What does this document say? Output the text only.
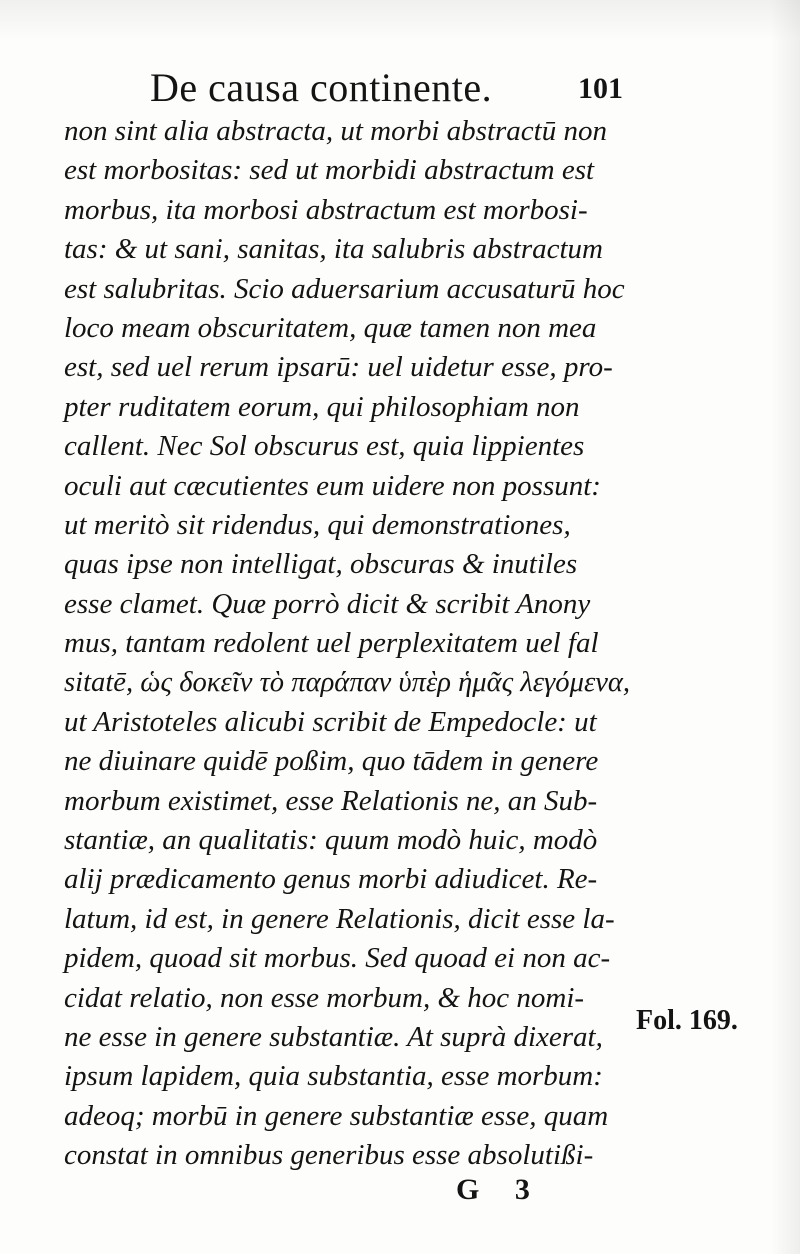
De causa continente.	101
non sint alia abstracta, ut morbi abstractū non
est morbositas: sed ut morbidi abstractum est
morbus, ita morbosi abstractum est morbosi-
tas: & ut sani, sanitas, ita salubris abstractum
est salubritas. Scio aduersarium accusaturū hoc
loco meam obscuritatem, quæ tamen non mea
est, sed uel rerum ipsarū: uel uidetur esse, pro-
pter ruditatem eorum, qui philosophiam non
callent. Nec Sol obscurus est, quia lippientes
oculi aut cæcutientes eum uidere non possunt:
ut meritò sit ridendus, qui demonstrationes,
quas ipse non intelligat, obscuras & inutiles
esse clamet. Quæ porrò dicit & scribit Anony
mus, tantam redolent uel perplexitatem uel fal
sitatē, ὡς δοκεῖν τὸ παράπαν ὑπὲρ ἡμᾶς λεγόμενα,
ut Aristoteles alicubi scribit de Empedocle: ut
ne diuinare quidē poßim, quo tādem in genere
morbum existimet, esse Relationis ne, an Sub-
stantiæ, an qualitatis: quum modò huic, modò
alij prædicamento genus morbi adiudicet. Re-
latum, id est, in genere Relationis, dicit esse la-
pidem, quoad sit morbus. Sed quoad ei non ac-
cidat relatio, non esse morbum, & hoc nomi-
ne esse in genere substantiæ. At suprà dixerat,
ipsum lapidem, quia substantia, esse morbum:
adeoq; morbū in genere substantiæ esse, quam
constat in omnibus generibus esse absolutißi-
Fol. 169.
G 3
